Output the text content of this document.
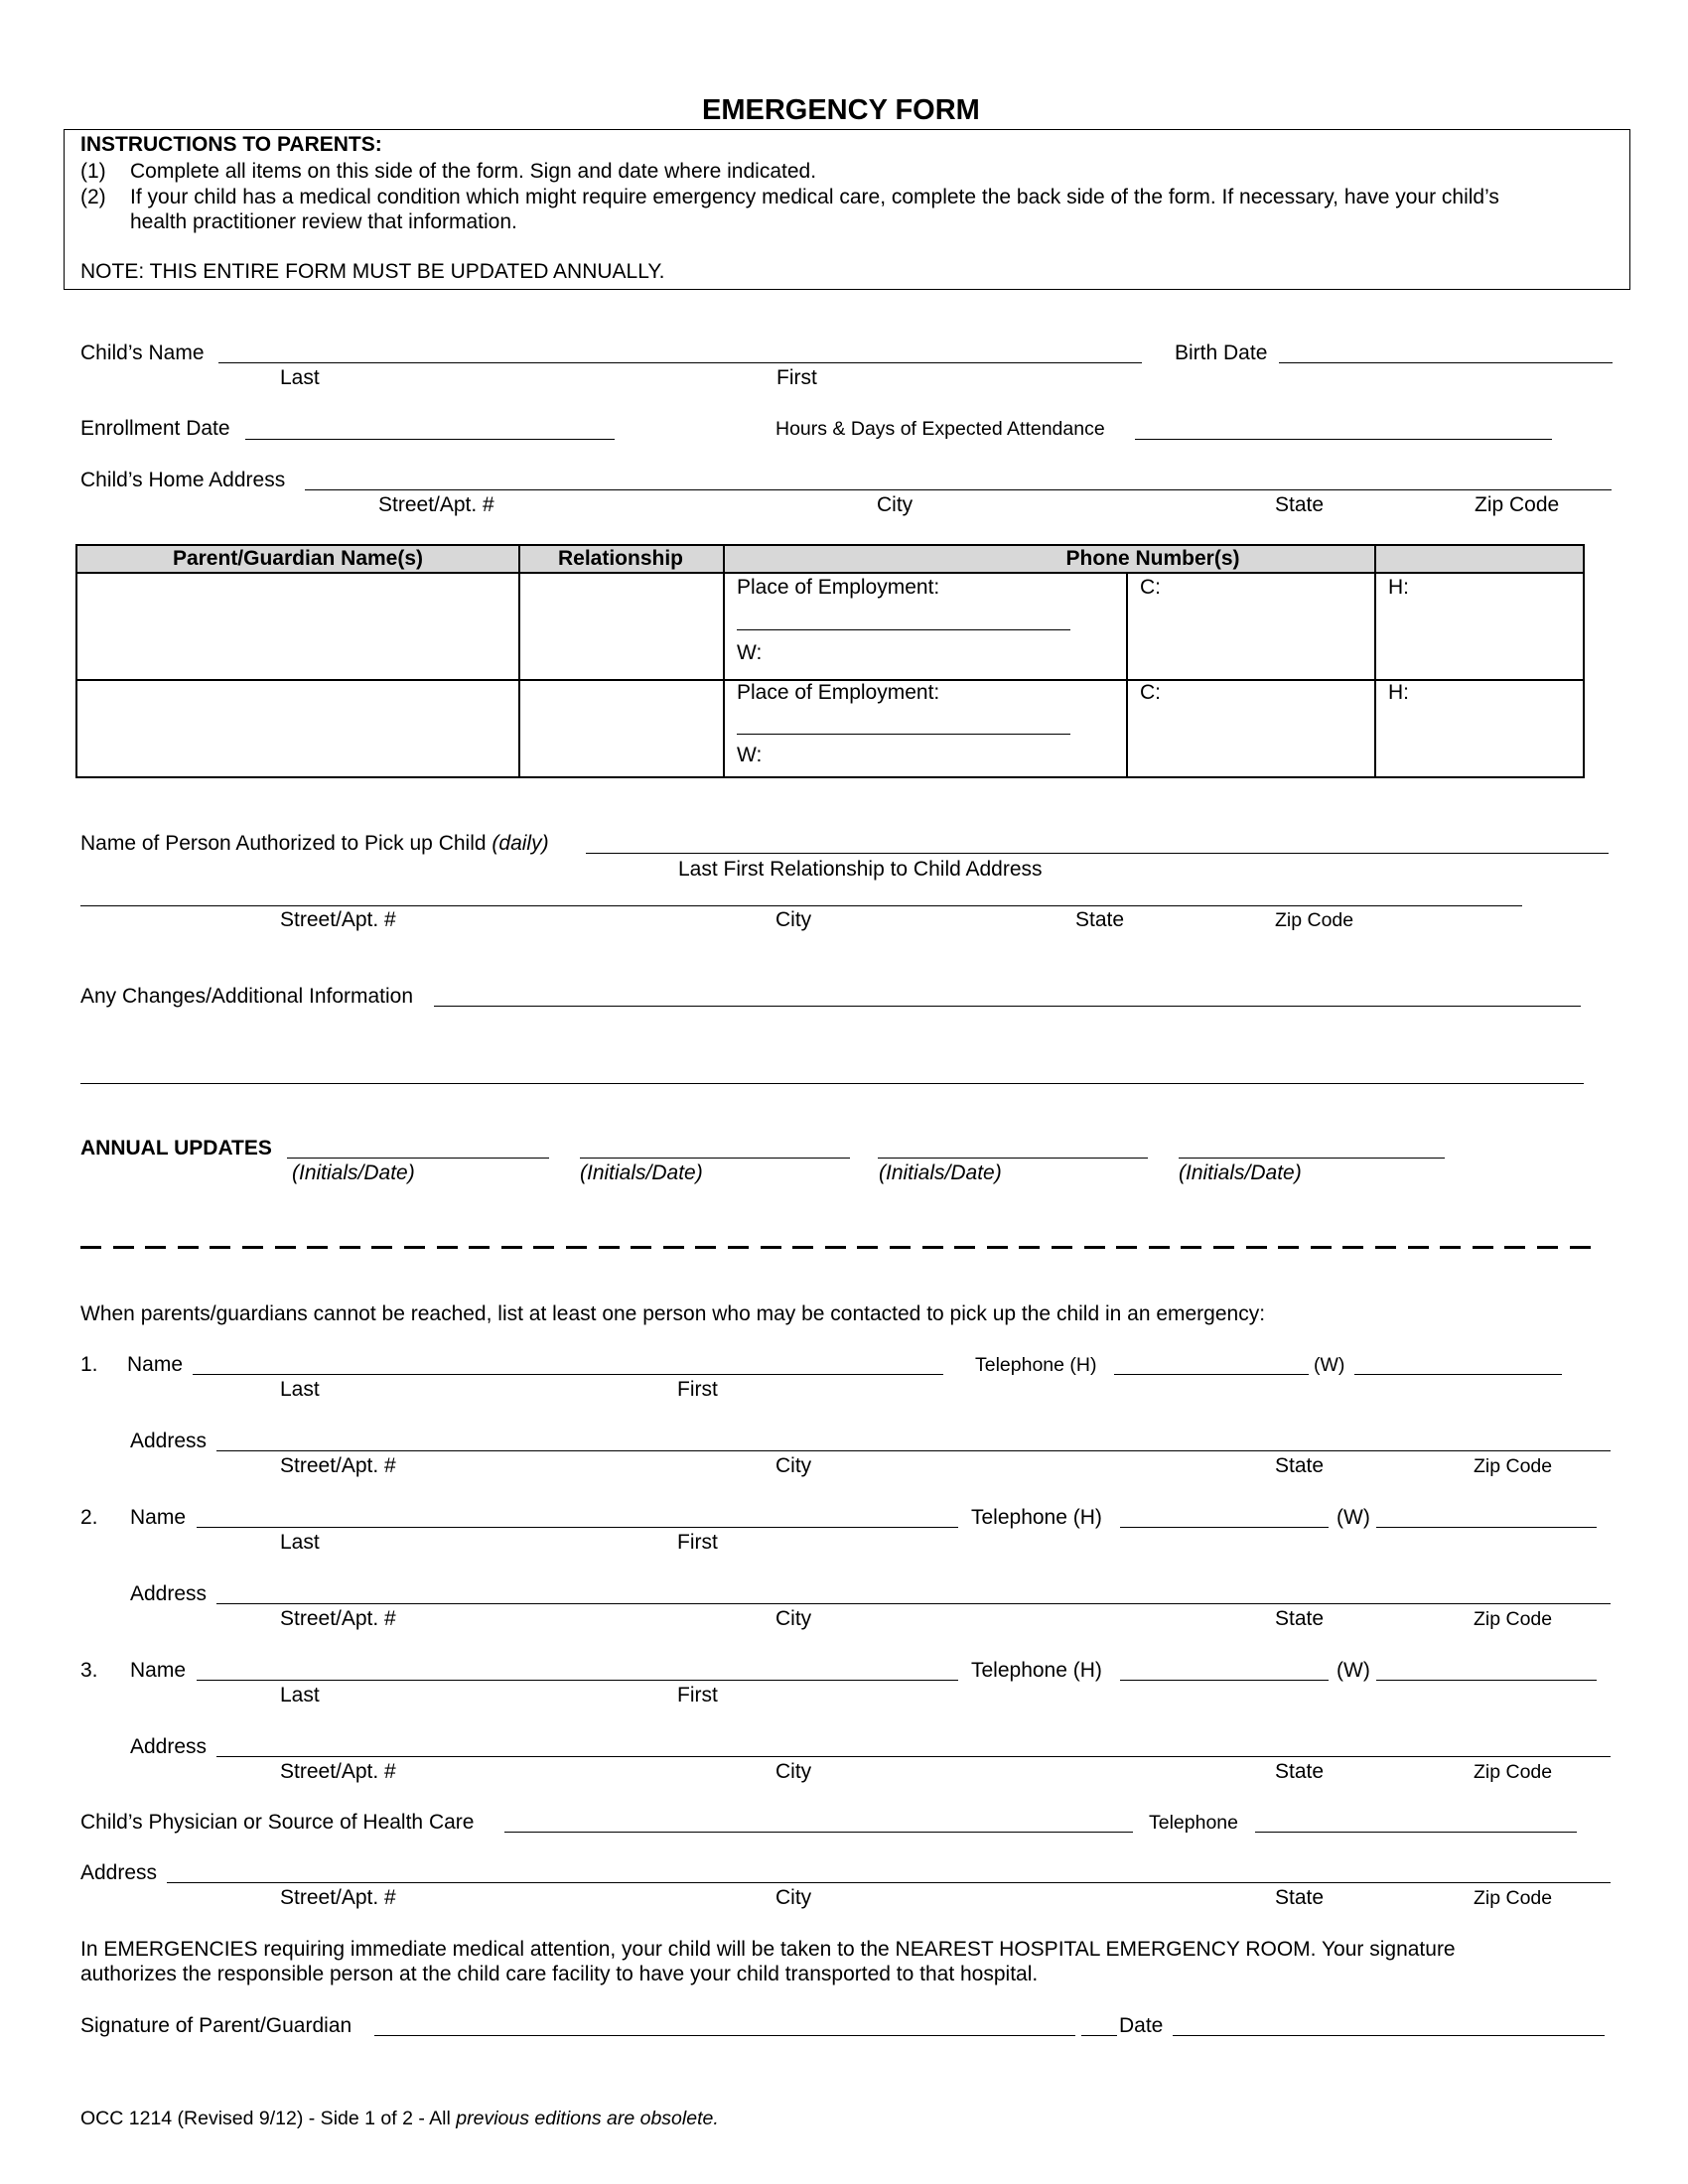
EMERGENCY FORM
INSTRUCTIONS TO PARENTS:
(1) Complete all items on this side of the form. Sign and date where indicated.
(2) If your child has a medical condition which might require emergency medical care, complete the back side of the form. If necessary, have your child’s
health practitioner review that information.
NOTE: THIS ENTIRE FORM MUST BE UPDATED ANNUALLY.
Child’s Name
Last	First
Birth Date
Enrollment Date	Hours & Days of Expected Attendance
Child’s Home Address
Street/Apt. #	City	State	Zip Code
Parent/Guardian Name(s)	Relationship	Phone Number(s)
Place of Employment:
W:
C:	H:
Place of Employment:
W:
C:	H:
Name of Person Authorized to Pick up Child (daily)
Last First Relationship to Child Address
Street/Apt. #	City	State	Zip Code
Any Changes/Additional Information
ANNUAL UPDATES
(Initials/Date)	(Initials/Date)	(Initials/Date)	(Initials/Date)
When parents/guardians cannot be reached, list at least one person who may be contacted to pick up the child in an emergency:
1. Name
Last	First
Telephone (H)	(W)
Address
Street/Apt. #	City	State	Zip Code
2. Name
Last	First
Telephone (H)	(W)
Address
Street/Apt. #	City	State	Zip Code
3. Name
Last	First
Telephone (H)	(W)
Address
Street/Apt. #	City	State	Zip Code
Child’s Physician or Source of Health Care	Telephone
Address
Street/Apt. #	City	State	Zip Code
In EMERGENCIES requiring immediate medical attention, your child will be taken to the NEAREST HOSPITAL EMERGENCY ROOM. Your signature
authorizes the responsible person at the child care facility to have your child transported to that hospital.
Signature of Parent/Guardian	Date
OCC 1214 (Revised 9/12) - Side 1 of 2 - All previous editions are obsolete.
